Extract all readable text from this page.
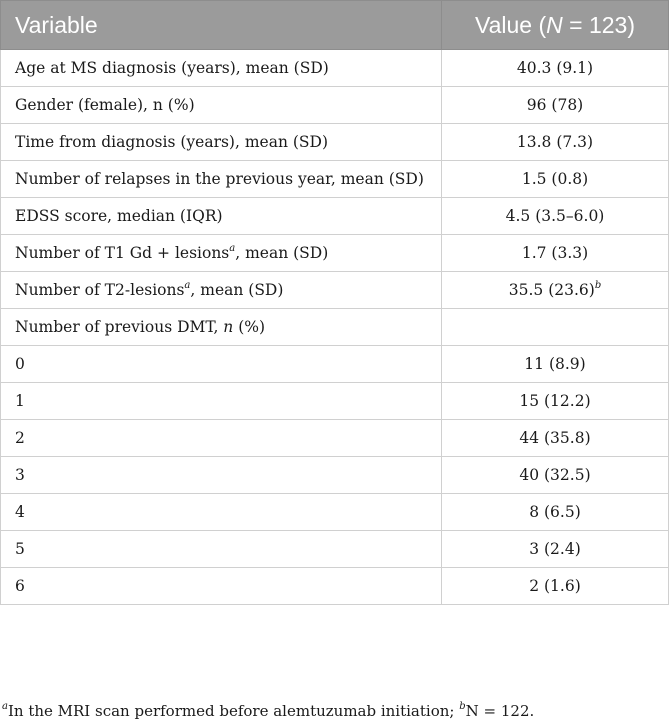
Variable	Value (N = 123)
Age at MS diagnosis (years), mean (SD)	40.3 (9.1)
Gender (female), n (%)	96 (78)
Time from diagnosis (years), mean (SD)	13.8 (7.3)
Number of relapses in the previous year, mean (SD)	1.5 (0.8)
EDSS score, median (IQR)	4.5 (3.5–6.0)
Number of T1 Gd + lesions$^a$, mean (SD)	1.7 (3.3)
Number of T2-lesions$^a$, mean (SD)	35.5 $(23.6)^b$
Number of previous DMT, n (%)	
0	11 (8.9)
1	15 (12.2)
2	44 (35.8)
3	40 (32.5)
4	8 (6.5)
5	3 (2.4)
6	2 (1.6)
$^a$In the MRI scan performed before alemtuzumab initiation; $^b$N = 122.
